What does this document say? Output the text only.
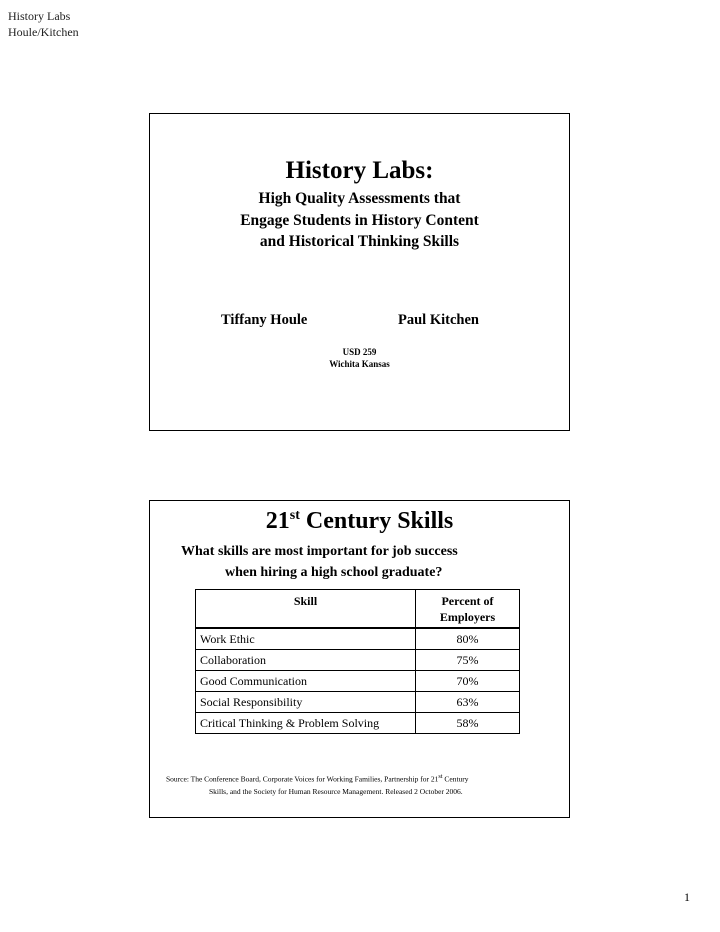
History Labs
Houle/Kitchen
History Labs:
High Quality Assessments that
Engage Students in History Content
and Historical Thinking Skills
Tiffany Houle	Paul Kitchen
USD 259
Wichita Kansas
21st Century Skills
What skills are most important for job success
when hiring a high school graduate?
Skill	Percent of Employers
Work Ethic	80%
Collaboration	75%
Good Communication	70%
Social Responsibility	63%
Critical Thinking & Problem Solving	58%
Source: The Conference Board, Corporate Voices for Working Families, Partnership for 21st Century
Skills, and the Society for Human Resource Management. Released 2 October 2006.
1
